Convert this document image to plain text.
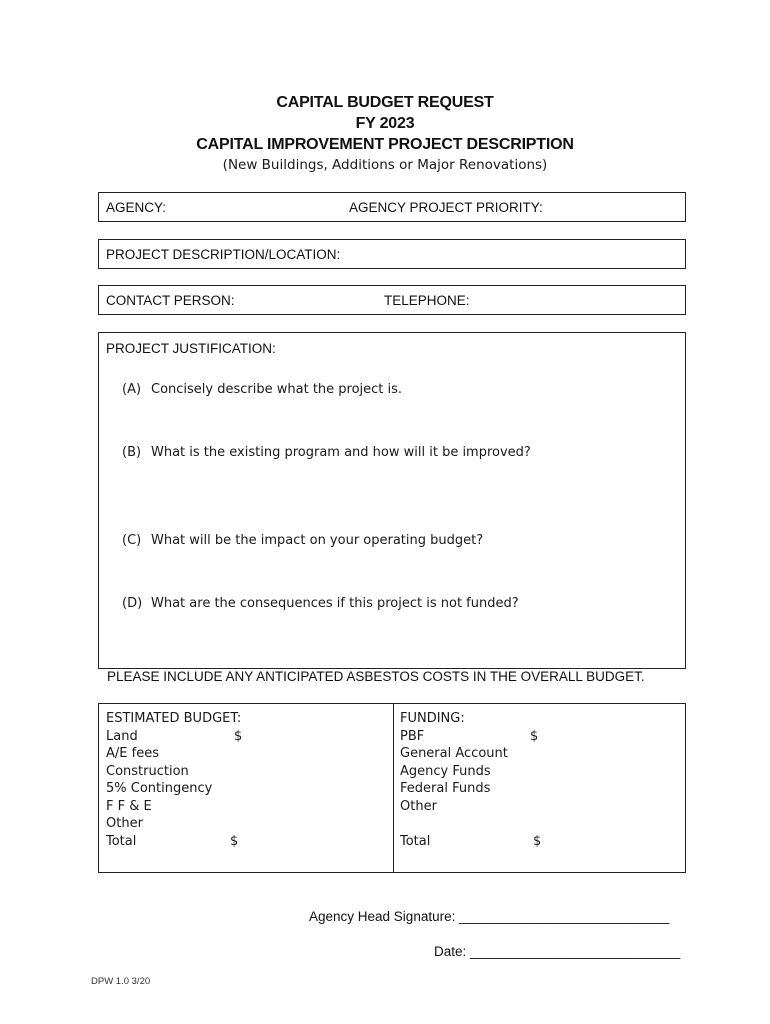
CAPITAL BUDGET REQUEST
FY 2023
CAPITAL IMPROVEMENT PROJECT DESCRIPTION
(New Buildings, Additions or Major Renovations)
AGENCY:	AGENCY PROJECT PRIORITY:
PROJECT DESCRIPTION/LOCATION:
CONTACT PERSON:	TELEPHONE:
PROJECT JUSTIFICATION:
(A) Concisely describe what the project is.
(B) What is the existing program and how will it be improved?
(C) What will be the impact on your operating budget?
(D) What are the consequences if this project is not funded?
PLEASE INCLUDE ANY ANTICIPATED ASBESTOS COSTS IN THE OVERALL BUDGET.
ESTIMATED BUDGET:
Land	$
A/E fees
Construction
5% Contingency
F F & E
Other
Total	$
FUNDING:
PBF	$
General Account
Agency Funds
Federal Funds
Other
Total	$
Agency Head Signature: ____________________________
Date: ____________________________
DPW 1.0 3/20
